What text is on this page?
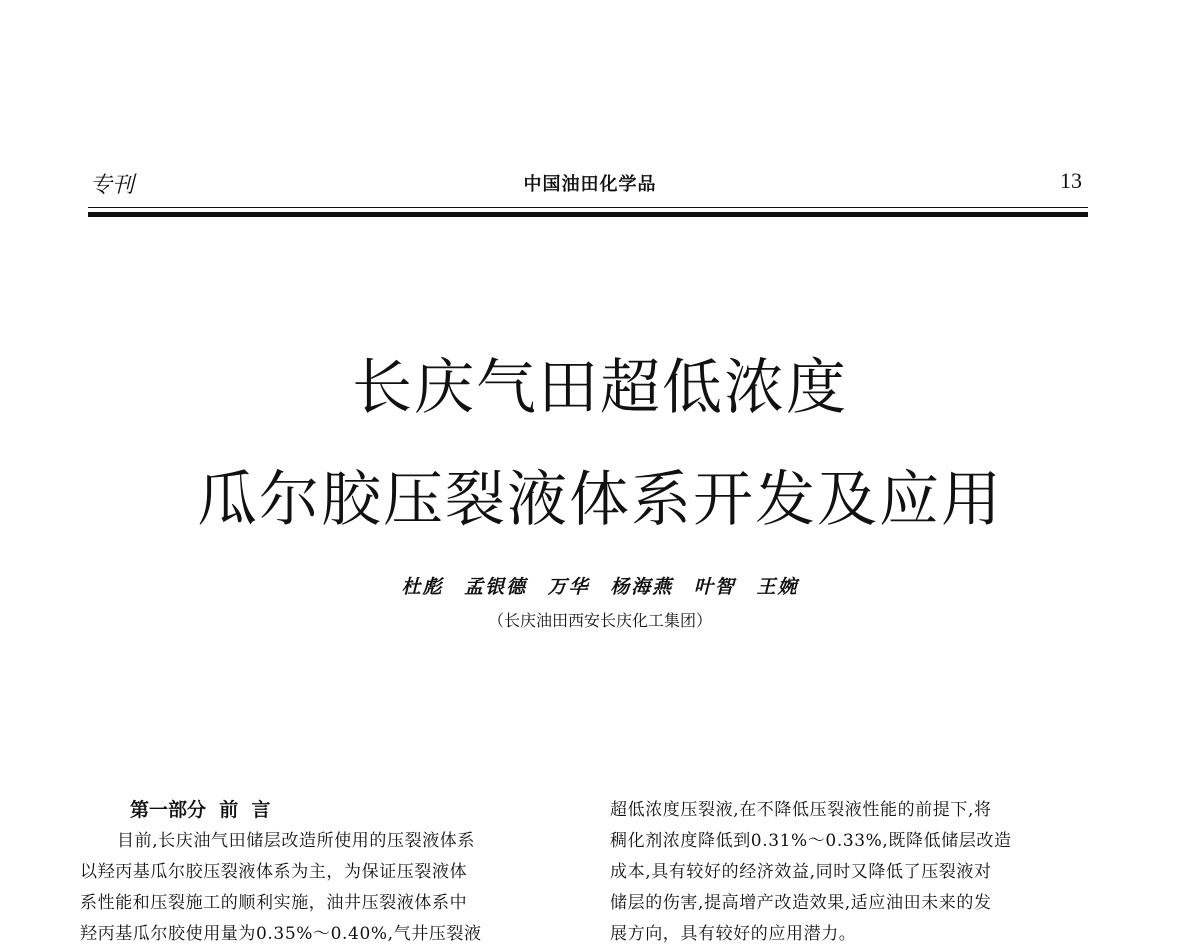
专刊	中国油田化学品	13
长庆气田超低浓度
瓜尔胶压裂液体系开发及应用
杜彪 孟银德 万华 杨海燕 叶智 王婉
（长庆油田西安长庆化工集团）
第一部分  前  言
目前,长庆油气田储层改造所使用的压裂液体系
以羟丙基瓜尔胶压裂液体系为主，为保证压裂液体
系性能和压裂施工的顺利实施，油井压裂液体系中
羟丙基瓜尔胶使用量为0.35%～0.40%,气井压裂液
超低浓度压裂液,在不降低压裂液性能的前提下,将
稠化剂浓度降低到0.31%～0.33%,既降低储层改造
成本,具有较好的经济效益,同时又降低了压裂液对
储层的伤害,提高增产改造效果,适应油田未来的发
展方向，具有较好的应用潜力。
